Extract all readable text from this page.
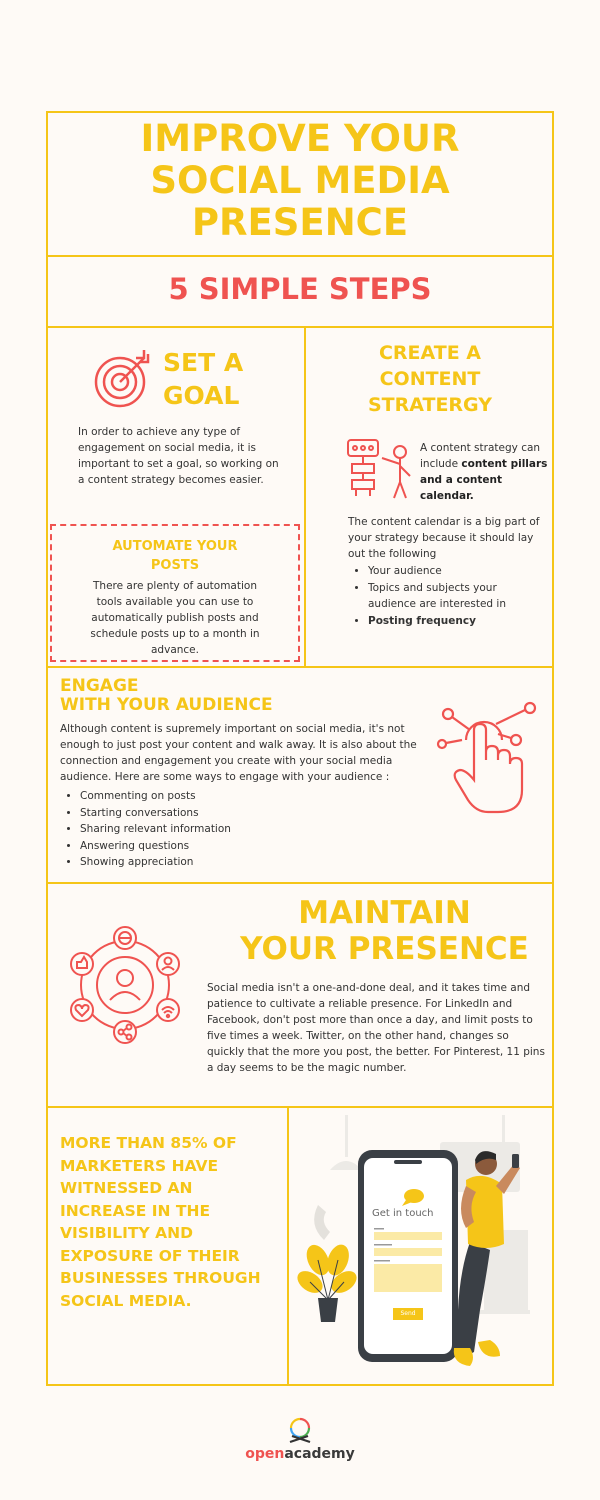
IMPROVE YOUR SOCIAL MEDIA PRESENCE
5 SIMPLE STEPS
SET A GOAL
In order to achieve any type of engagement on social media, it is important to set a goal, so working on a content strategy becomes easier.
AUTOMATE YOUR POSTS
There are plenty of automation tools available you can use to automatically publish posts and schedule posts up to a month in advance.
CREATE A CONTENT STRATERGY
A content strategy can include content pillars and a content calendar.
The content calendar is a big part of your strategy because it should lay out the following
• Your audience
• Topics and subjects your audience are interested in
• Posting frequency
ENGAGE
WITH YOUR AUDIENCE
Although content is supremely important on social media, it's not enough to just post your content and walk away. It is also about the connection and engagement you create with your social media audience. Here are some ways to engage with your audience :
• Commenting on posts
• Starting conversations
• Sharing relevant information
• Answering questions
• Showing appreciation
MAINTAIN
YOUR PRESENCE
Social media isn't a one-and-done deal, and it takes time and patience to cultivate a reliable presence. For LinkedIn and Facebook, don't post more than once a day, and limit posts to five times a week. Twitter, on the other hand, changes so quickly that the more you post, the better. For Pinterest, 11 pins a day seems to be the magic number.
MORE THAN 85% OF MARKETERS HAVE WITNESSED AN INCREASE IN THE VISIBILITY AND EXPOSURE OF THEIR BUSINESSES THROUGH SOCIAL MEDIA.
Get in touch
Send
openacademy
